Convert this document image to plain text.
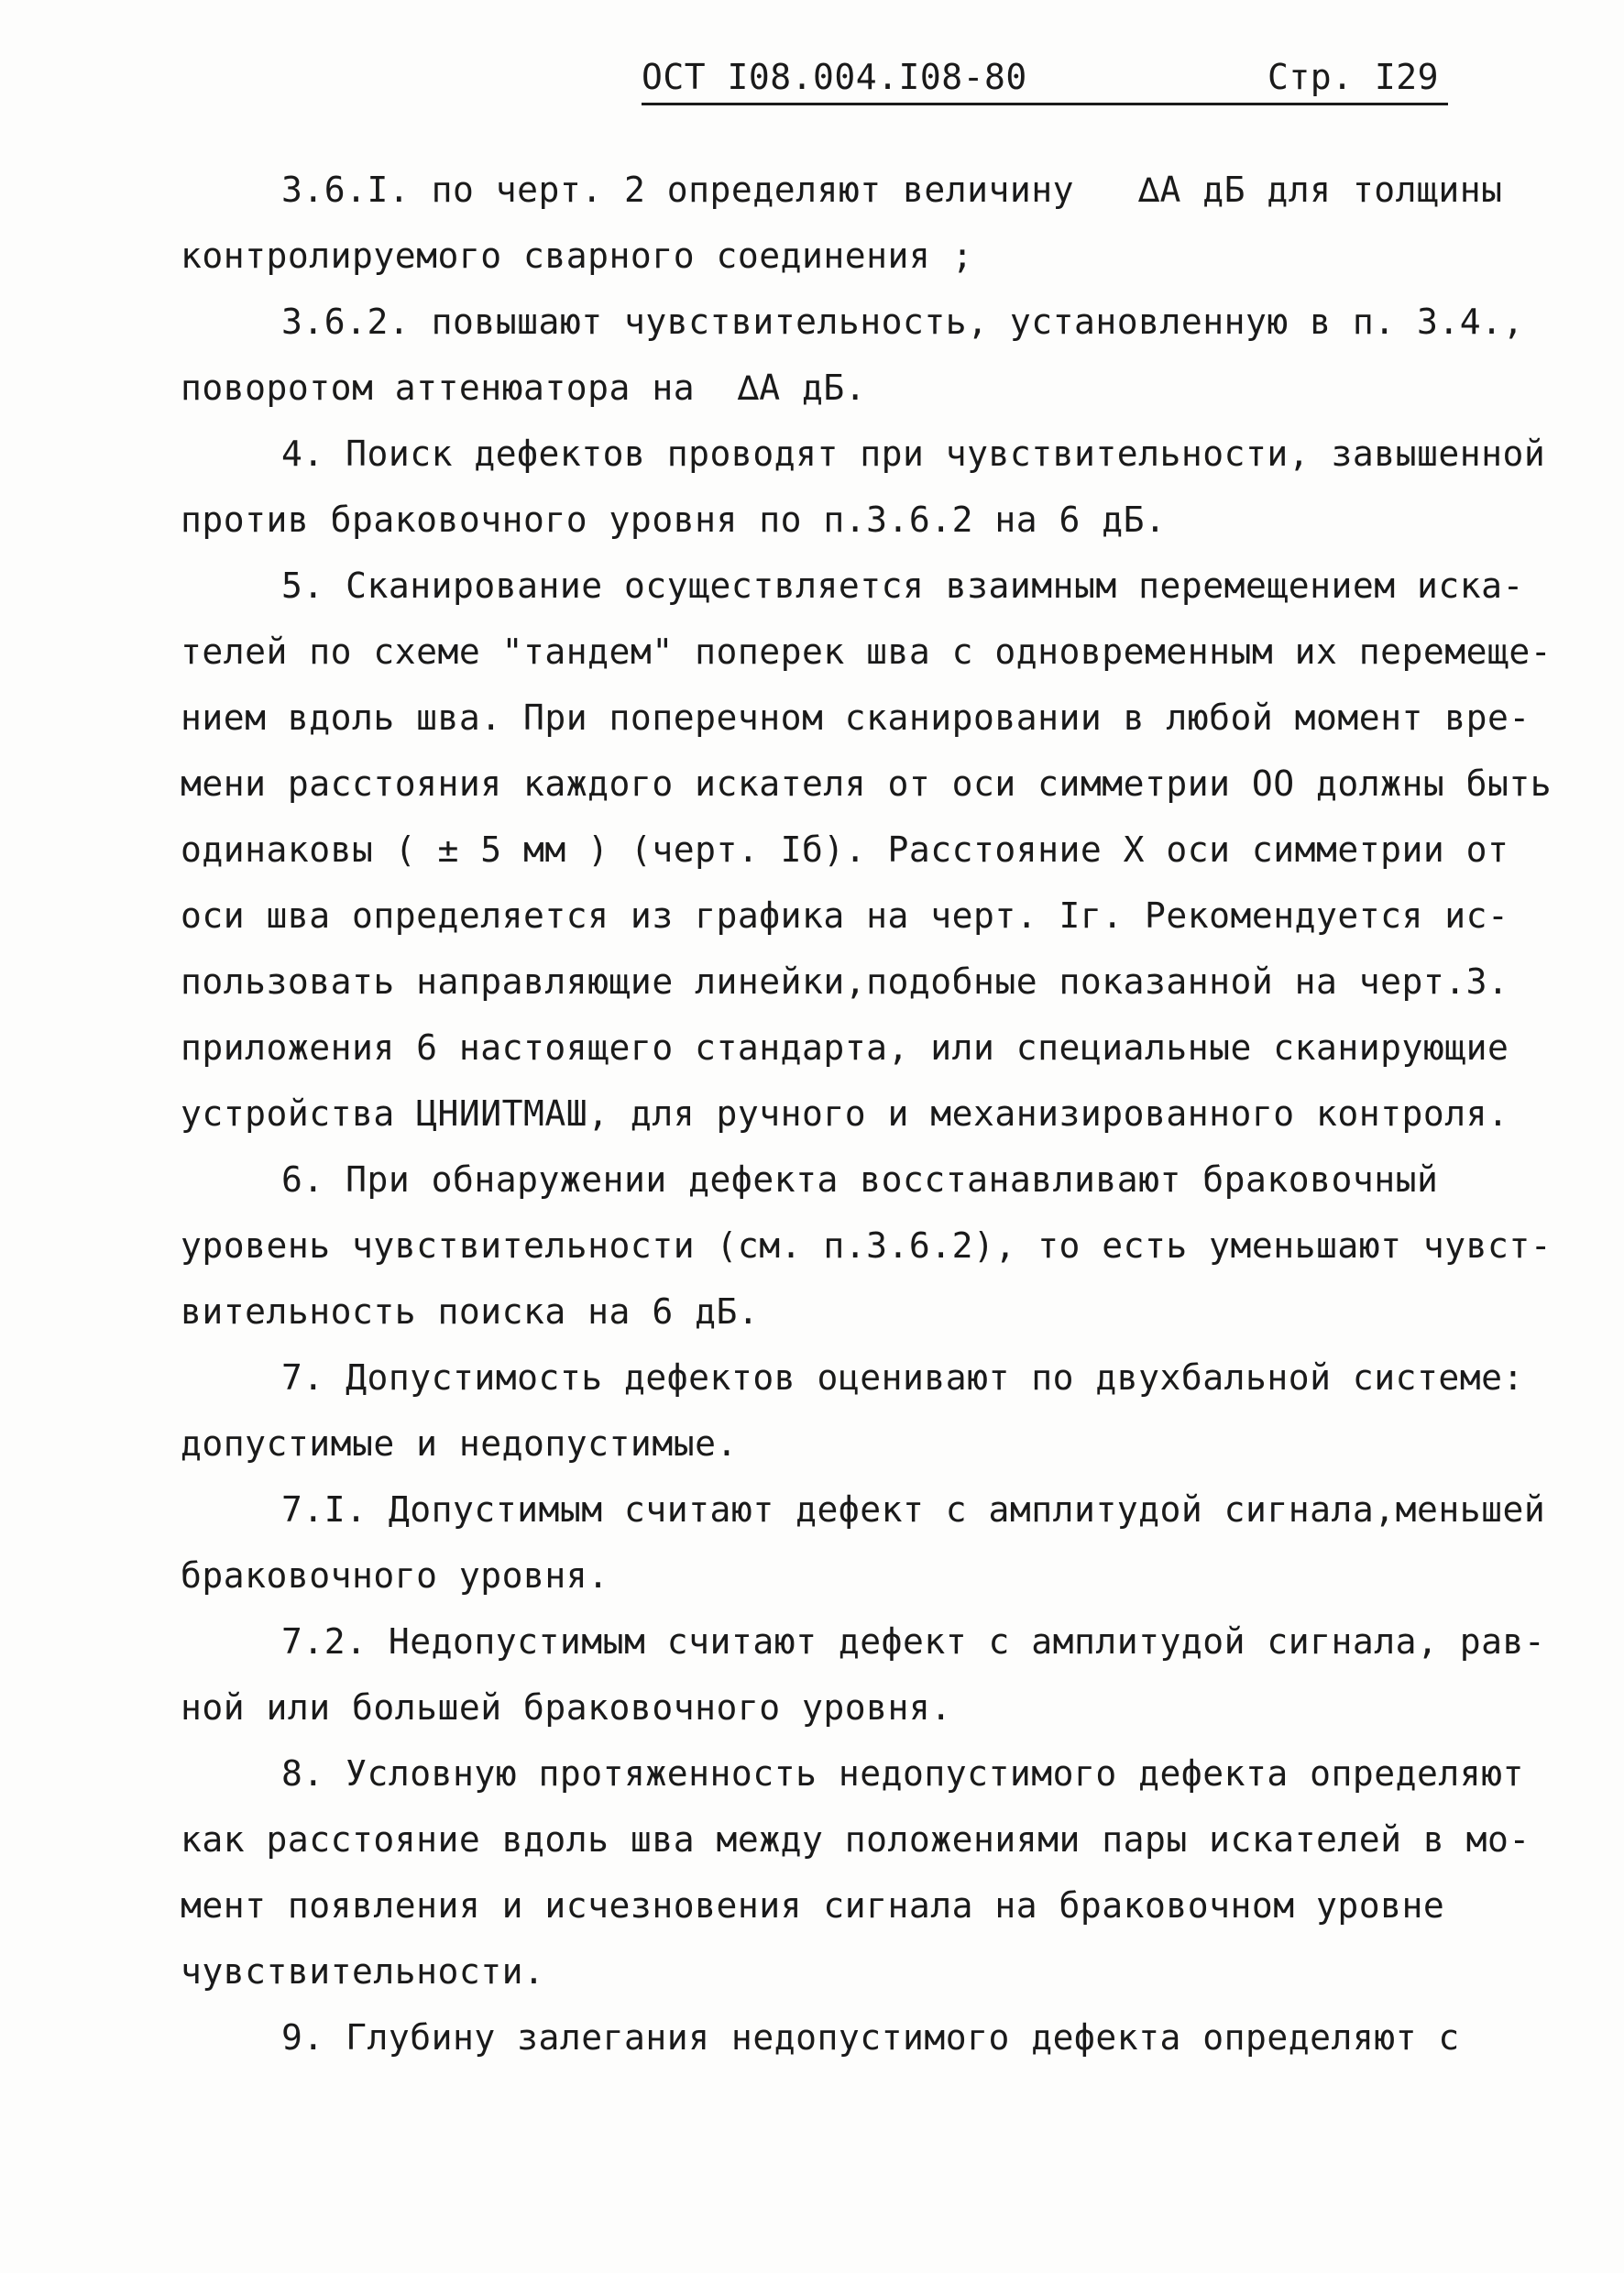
ОСТ I08.004.I08-80	Стр. I29
3.6.I. по черт. 2 определяют величину   ∆А дБ для толщины
контролируемого сварного соединения ;
3.6.2. повышают чувствительность, установленную в п. 3.4.,
поворотом аттенюатора на  ∆А дБ.
4. Поиск дефектов проводят при чувствительности, завышенной
против браковочного уровня по п.3.6.2 на 6 дБ.
5. Сканирование осуществляется взаимным перемещением иска-
телей по схеме "тандем" поперек шва с одновременным их перемеще-
нием вдоль шва. При поперечном сканировании в любой момент вре-
мени расстояния каждого искателя от оси симметрии ОО должны быть
одинаковы ( ± 5 мм ) (черт. Iб). Расстояние Х оси симметрии от
оси шва определяется из графика на черт. Iг. Рекомендуется ис-
пользовать направляющие линейки,подобные показанной на черт.3.
приложения 6 настоящего стандарта, или специальные сканирующие
устройства ЦНИИТМАШ, для ручного и механизированного контроля.
6. При обнаружении дефекта восстанавливают браковочный
уровень чувствительности (см. п.3.6.2), то есть уменьшают чувст-
вительность поиска на 6 дБ.
7. Допустимость дефектов оценивают по двухбальной системе:
допустимые и недопустимые.
7.I. Допустимым считают дефект с амплитудой сигнала,меньшей
браковочного уровня.
7.2. Недопустимым считают дефект с амплитудой сигнала, рав-
ной или большей браковочного уровня.
8. Условную протяженность недопустимого дефекта определяют
как расстояние вдоль шва между положениями пары искателей в мо-
мент появления и исчезновения сигнала на браковочном уровне
чувствительности.
9. Глубину залегания недопустимого дефекта определяют с
